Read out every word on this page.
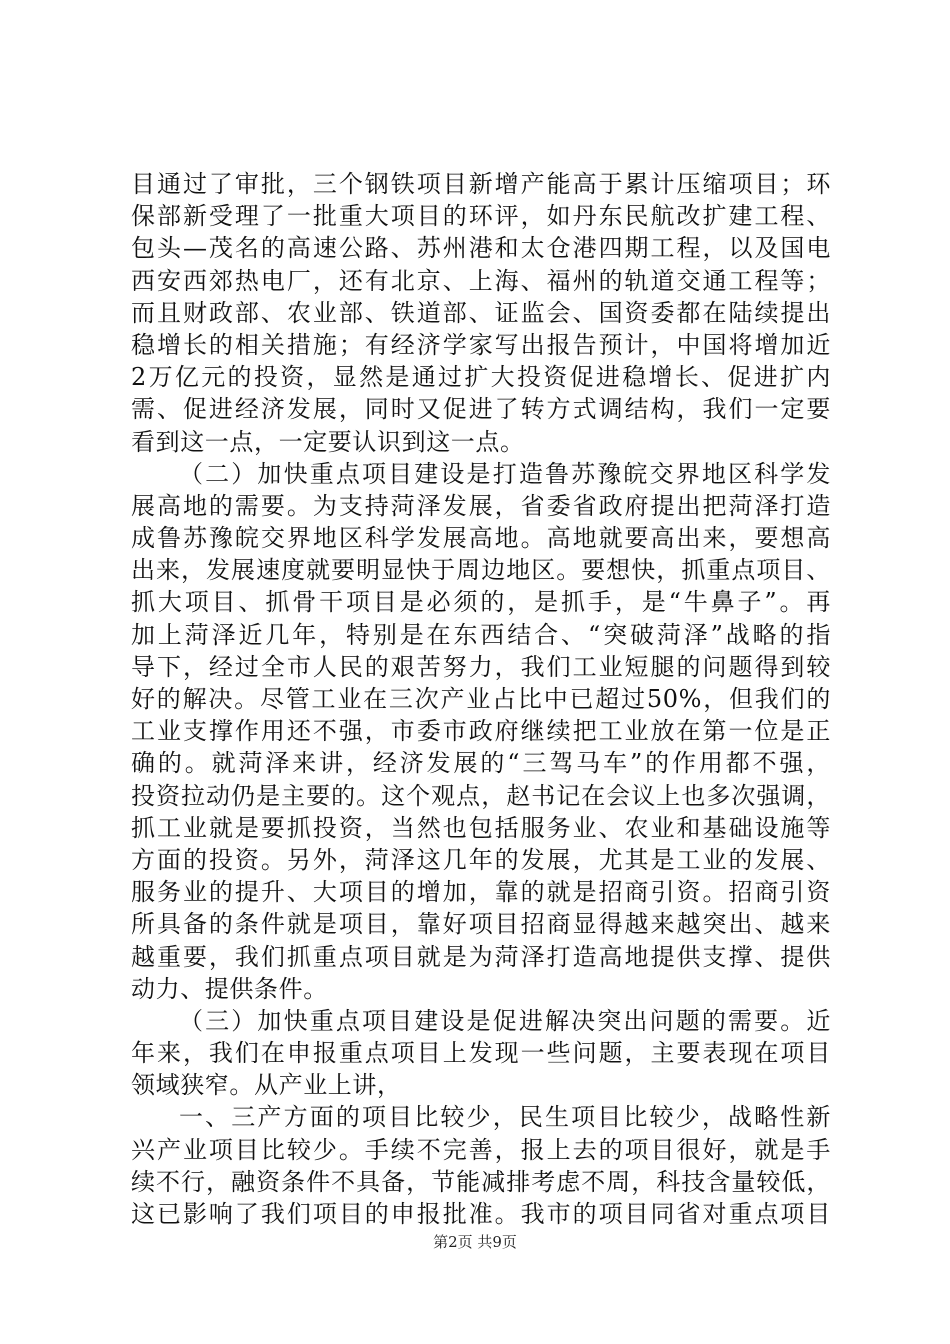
目通过了审批，三个钢铁项目新增产能高于累计压缩项目；环
保部新受理了一批重大项目的环评，如丹东民航改扩建工程、
包头—茂名的高速公路、苏州港和太仓港四期工程，以及国电
西安西郊热电厂，还有北京、上海、福州的轨道交通工程等；
而且财政部、农业部、铁道部、证监会、国资委都在陆续提出
稳增长的相关措施；有经济学家写出报告预计，中国将增加近
2万亿元的投资，显然是通过扩大投资促进稳增长、促进扩内
需、促进经济发展，同时又促进了转方式调结构，我们一定要
看到这一点，一定要认识到这一点。
（二）加快重点项目建设是打造鲁苏豫皖交界地区科学发
展高地的需要。为支持菏泽发展，省委省政府提出把菏泽打造
成鲁苏豫皖交界地区科学发展高地。高地就要高出来，要想高
出来，发展速度就要明显快于周边地区。要想快，抓重点项目、
抓大项目、抓骨干项目是必须的，是抓手，是“牛鼻子”。再
加上菏泽近几年，特别是在东西结合、“突破菏泽”战略的指
导下，经过全市人民的艰苦努力，我们工业短腿的问题得到较
好的解决。尽管工业在三次产业占比中已超过50%，但我们的
工业支撑作用还不强，市委市政府继续把工业放在第一位是正
确的。就菏泽来讲，经济发展的“三驾马车”的作用都不强，
投资拉动仍是主要的。这个观点，赵书记在会议上也多次强调，
抓工业就是要抓投资，当然也包括服务业、农业和基础设施等
方面的投资。另外，菏泽这几年的发展，尤其是工业的发展、
服务业的提升、大项目的增加，靠的就是招商引资。招商引资
所具备的条件就是项目，靠好项目招商显得越来越突出、越来
越重要，我们抓重点项目就是为菏泽打造高地提供支撑、提供
动力、提供条件。
（三）加快重点项目建设是促进解决突出问题的需要。近
年来，我们在申报重点项目上发现一些问题，主要表现在项目
领域狭窄。从产业上讲，
一、三产方面的项目比较少，民生项目比较少，战略性新
兴产业项目比较少。手续不完善，报上去的项目很好，就是手
续不行，融资条件不具备，节能减排考虑不周，科技含量较低，
这已影响了我们项目的申报批准。我市的项目同省对重点项目
第2页 共9页
